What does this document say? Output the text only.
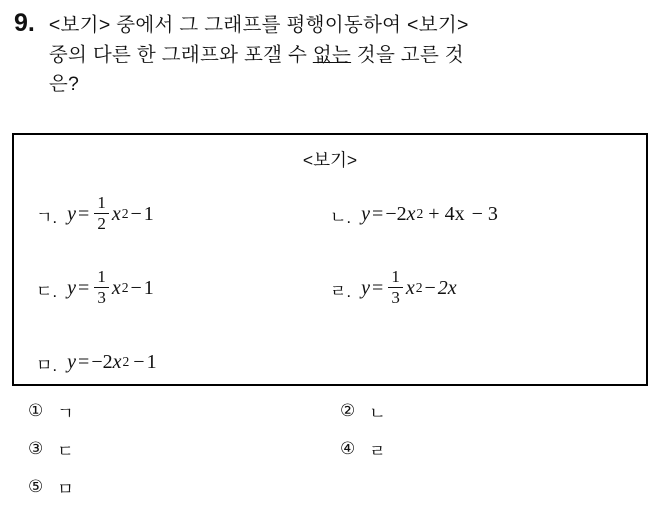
9. <보기> 중에서 그 그래프를 평행이동하여 <보기>
중의 다른 한 그래프와 포갤 수 없는 것을 고른 것
은?
<보기>
ㄱ. $y = \frac{1}{2}$ x 2 − 1	ㄴ. y = −2 x 2 + 4x − 3
ㄷ. $y = \frac{1}{3}$ x 2 − 1	ㄹ. $y = \frac{1}{3}$ x 2 − 2x
ㅁ. y = −2 x 2 − 1
① ㄱ	② ㄴ
③ ㄷ	④ ㄹ
⑤ ㅁ
